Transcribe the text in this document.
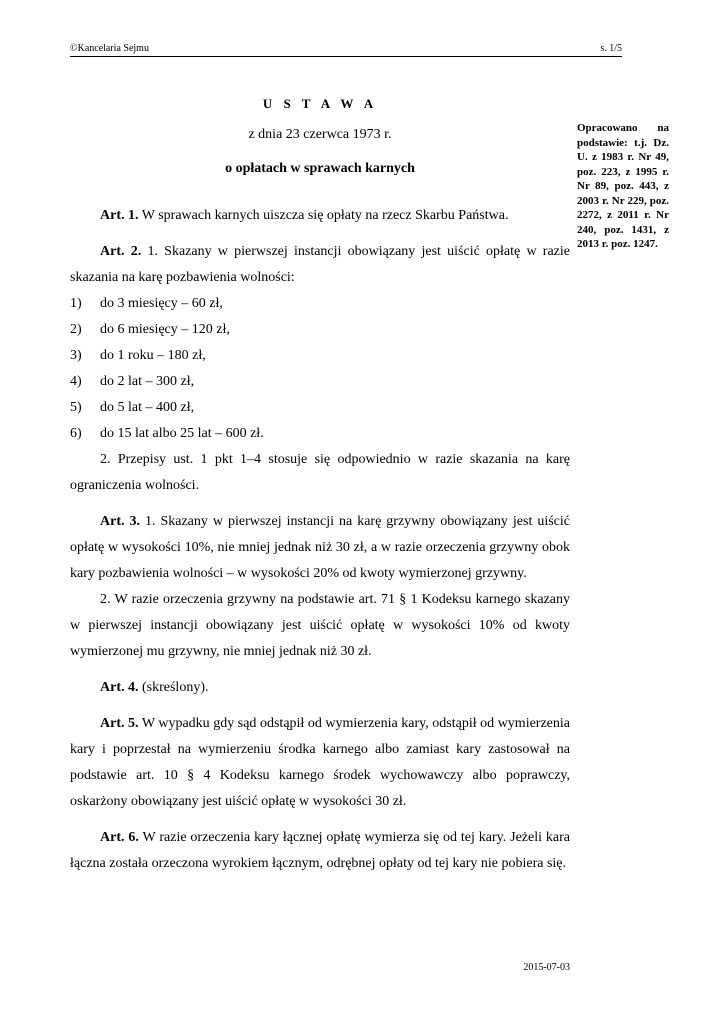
©Kancelaria Sejmu	s. 1/5
U S T A W A
z dnia 23 czerwca 1973 r.
o opłatach w sprawach karnych
Opracowano na podstawie: t.j. Dz. U. z 1983 r. Nr 49, poz. 223, z 1995 r. Nr 89, poz. 443, z 2003 r. Nr 229, poz. 2272, z 2011 r. Nr 240, poz. 1431, z 2013 r. poz. 1247.

Art. 1. W sprawach karnych uiszcza się opłaty na rzecz Skarbu Państwa.

Art. 2. 1. Skazany w pierwszej instancji obowiązany jest uiścić opłatę w razie skazania na karę pozbawienia wolności:

1)	do 3 miesięcy – 60 zł,
2)	do 6 miesięcy – 120 zł,
3)	do 1 roku – 180 zł,
4)	do 2 lat – 300 zł,
5)	do 5 lat – 400 zł,
6)	do 15 lat albo 25 lat – 600 zł.

2. Przepisy ust. 1 pkt 1–4 stosuje się odpowiednio w razie skazania na karę ograniczenia wolności.

Art. 3. 1. Skazany w pierwszej instancji na karę grzywny obowiązany jest uiścić opłatę w wysokości 10%, nie mniej jednak niż 30 zł, a w razie orzeczenia grzywny obok kary pozbawienia wolności – w wysokości 20% od kwoty wymierzonej grzywny.

2. W razie orzeczenia grzywny na podstawie art. 71 § 1 Kodeksu karnego skazany w pierwszej instancji obowiązany jest uiścić opłatę w wysokości 10% od kwoty wymierzonej mu grzywny, nie mniej jednak niż 30 zł.

Art. 4. (skreślony).

Art. 5. W wypadku gdy sąd odstąpił od wymierzenia kary, odstąpił od wymierzenia kary i poprzestał na wymierzeniu środka karnego albo zamiast kary zastosował na podstawie art. 10 § 4 Kodeksu karnego środek wychowawczy albo poprawczy, oskarżony obowiązany jest uiścić opłatę w wysokości 30 zł.

Art. 6. W razie orzeczenia kary łącznej opłatę wymierza się od tej kary. Jeżeli kara łączna została orzeczona wyrokiem łącznym, odrębnej opłaty od tej kary nie pobiera się.

2015-07-03
